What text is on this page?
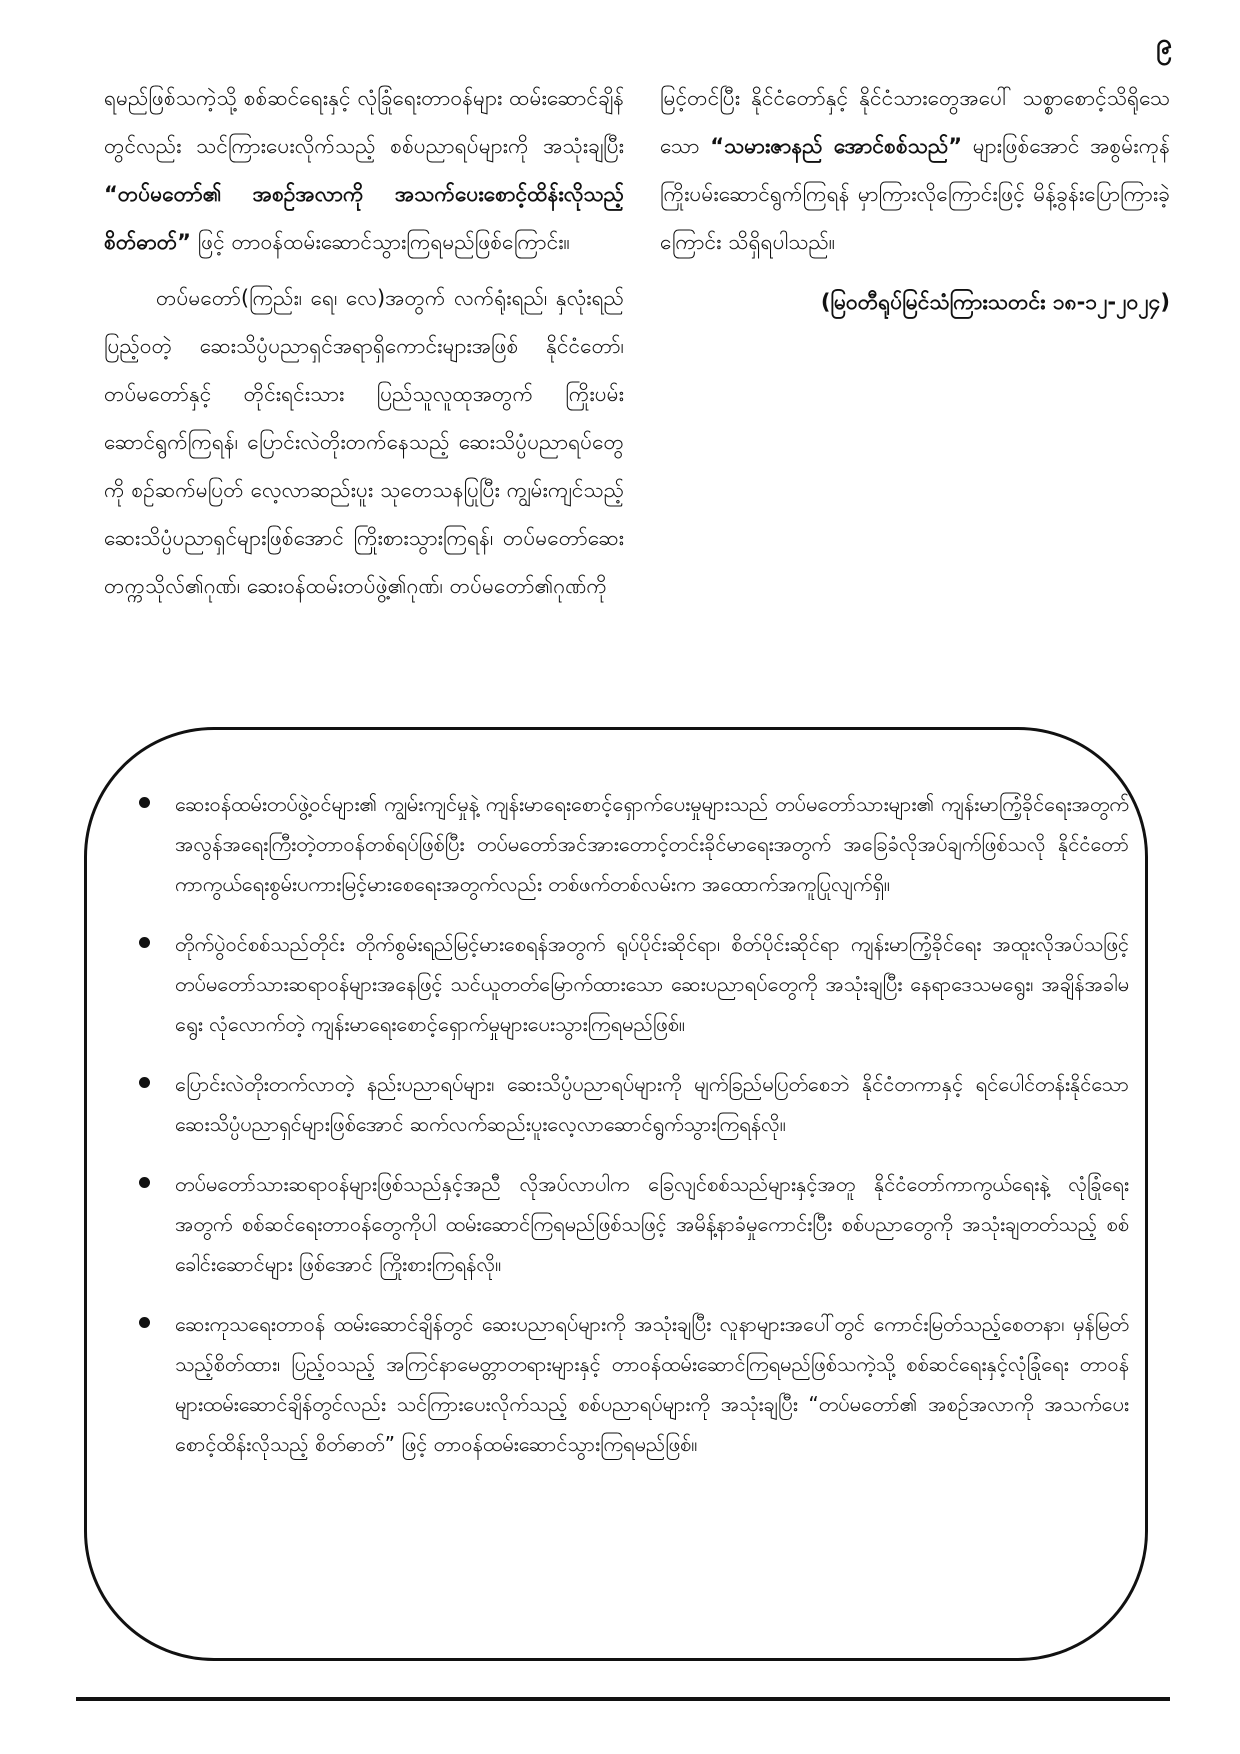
၉

ရမည်ဖြစ်သကဲ့သို့ စစ်ဆင်ရေးနှင့် လုံခြုံရေးတာဝန်များ ထမ်းဆောင်ချိန်တွင်လည်း သင်ကြားပေးလိုက်သည့် စစ်ပညာရပ်များကို အသုံးချပြီး “တပ်မတော်၏ အစဉ်အလာကို အသက်ပေးစောင့်ထိန်းလိုသည့်စိတ်ဓာတ်” ဖြင့် တာဝန်ထမ်းဆောင်သွားကြရမည်ဖြစ်ကြောင်း။

တပ်မတော်(ကြည်း၊ ရေ၊ လေ)အတွက် လက်ရုံးရည်၊ နှလုံးရည်ပြည့်ဝတဲ့ ဆေးသိပ္ပံပညာရှင်အရာရှိကောင်းများအဖြစ် နိုင်ငံတော်၊ တပ်မတော်နှင့် တိုင်းရင်းသား ပြည်သူလူထုအတွက် ကြိုးပမ်းဆောင်ရွက်ကြရန်၊ ပြောင်းလဲတိုးတက်နေသည့် ဆေးသိပ္ပံပညာရပ်တွေကို စဉ်ဆက်မပြတ် လေ့လာဆည်းပူး သုတေသနပြုပြီး ကျွမ်းကျင်သည့် ဆေးသိပ္ပံပညာရှင်များဖြစ်အောင် ကြိုးစားသွားကြရန်၊ တပ်မတော်ဆေးတက္ကသိုလ်၏ဂုဏ်၊ ဆေးဝန်ထမ်းတပ်ဖွဲ့၏ဂုဏ်၊ တပ်မတော်၏ဂုဏ်ကို

မြင့်တင်ပြီး နိုင်ငံတော်နှင့် နိုင်ငံသားတွေအပေါ် သစ္စာစောင့်သိရိုသေသော “သမားဇာနည် အောင်စစ်သည်” များဖြစ်အောင် အစွမ်းကုန်ကြိုးပမ်းဆောင်ရွက်ကြရန် မှာကြားလိုကြောင်းဖြင့် မိန့်ခွန်းပြောကြားခဲ့ကြောင်း သိရှိရပါသည်။

(မြဝတီရုပ်မြင်သံကြားသတင်း ၁၈-၁၂-၂၀၂၄)

ဆေးဝန်ထမ်းတပ်ဖွဲ့ဝင်များ၏ ကျွမ်းကျင်မှုနဲ့ ကျန်းမာရေးစောင့်ရှောက်ပေးမှုများသည် တပ်မတော်သားများ၏ ကျန်းမာကြံ့ခိုင်ရေးအတွက် အလွန်အရေးကြီးတဲ့တာဝန်တစ်ရပ်ဖြစ်ပြီး တပ်မတော်အင်အားတောင့်တင်းခိုင်မာရေးအတွက် အခြေခံလိုအပ်ချက်ဖြစ်သလို နိုင်ငံတော်ကာကွယ်ရေးစွမ်းပကားမြင့်မားစေရေးအတွက်လည်း တစ်ဖက်တစ်လမ်းက အထောက်အကူပြုလျက်ရှိ။
တိုက်ပွဲဝင်စစ်သည်တိုင်း တိုက်စွမ်းရည်မြင့်မားစေရန်အတွက် ရုပ်ပိုင်းဆိုင်ရာ၊ စိတ်ပိုင်းဆိုင်ရာ ကျန်းမာကြံ့ခိုင်ရေး အထူးလိုအပ်သဖြင့် တပ်မတော်သားဆရာဝန်များအနေဖြင့် သင်ယူတတ်မြောက်ထားသော ဆေးပညာရပ်တွေကို အသုံးချပြီး နေရာဒေသမရွေး၊ အချိန်အခါမရွေး လုံလောက်တဲ့ ကျန်းမာရေးစောင့်ရှောက်မှုများပေးသွားကြရမည်ဖြစ်။
ပြောင်းလဲတိုးတက်လာတဲ့ နည်းပညာရပ်များ၊ ဆေးသိပ္ပံပညာရပ်များကို မျက်ခြည်မပြတ်စေဘဲ နိုင်ငံတကာနှင့် ရင်ပေါင်တန်းနိုင်သော ဆေးသိပ္ပံပညာရှင်များဖြစ်အောင် ဆက်လက်ဆည်းပူးလေ့လာဆောင်ရွက်သွားကြရန်လို။
တပ်မတော်သားဆရာဝန်များဖြစ်သည်နှင့်အညီ လိုအပ်လာပါက ခြေလျင်စစ်သည်များနှင့်အတူ နိုင်ငံတော်ကာကွယ်ရေးနဲ့ လုံခြုံရေးအတွက် စစ်ဆင်ရေးတာဝန်တွေကိုပါ ထမ်းဆောင်ကြရမည်ဖြစ်သဖြင့် အမိန့်နာခံမှုကောင်းပြီး စစ်ပညာတွေကို အသုံးချတတ်သည့် စစ်ခေါင်းဆောင်များ ဖြစ်အောင် ကြိုးစားကြရန်လို။
ဆေးကုသရေးတာဝန် ထမ်းဆောင်ချိန်တွင် ဆေးပညာရပ်များကို အသုံးချပြီး လူနာများအပေါ်တွင် ကောင်းမြတ်သည့်စေတနာ၊ မှန်မြတ်သည့်စိတ်ထား၊ ပြည့်ဝသည့် အကြင်နာမေတ္တာတရားများနှင့် တာဝန်ထမ်းဆောင်ကြရမည်ဖြစ်သကဲ့သို့ စစ်ဆင်ရေးနှင့်လုံခြုံရေး တာဝန်များထမ်းဆောင်ချိန်တွင်လည်း သင်ကြားပေးလိုက်သည့် စစ်ပညာရပ်များကို အသုံးချပြီး “တပ်မတော်၏ အစဉ်အလာကို အသက်ပေးစောင့်ထိန်းလိုသည့် စိတ်ဓာတ်” ဖြင့် တာဝန်ထမ်းဆောင်သွားကြရမည်ဖြစ်။
